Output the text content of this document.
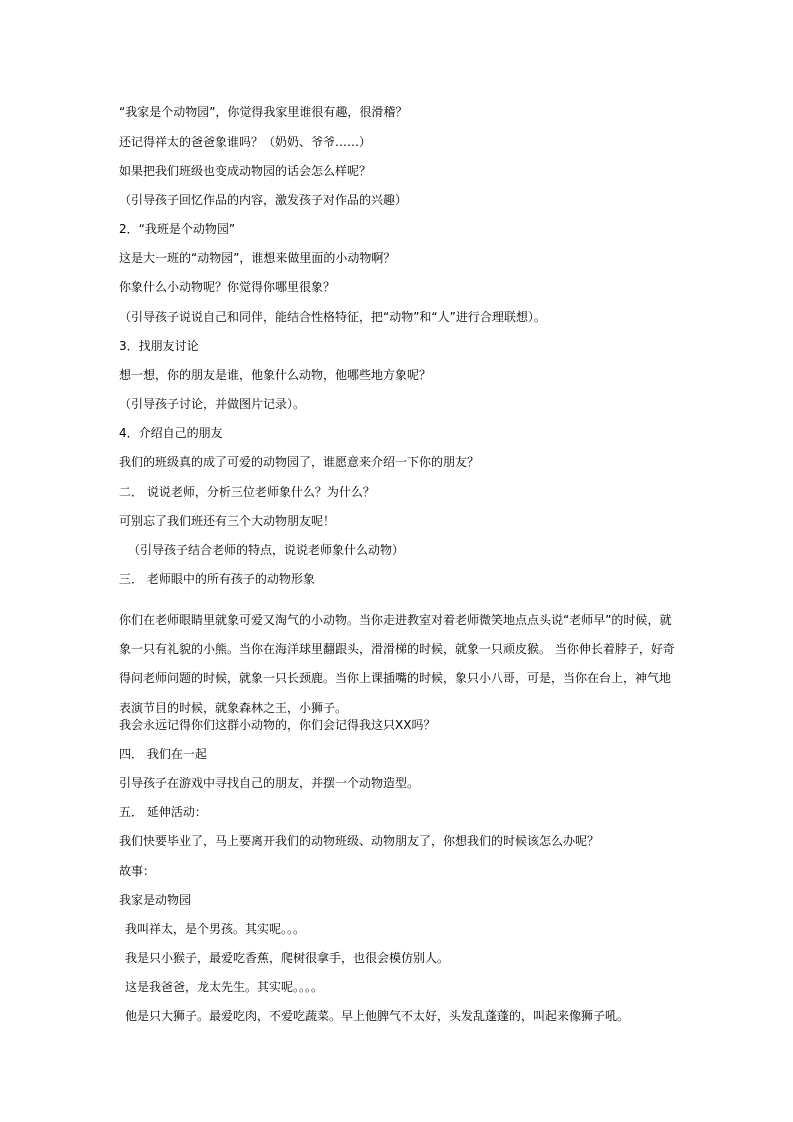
“我家是个动物园”，你觉得我家里谁很有趣，很滑稽？

还记得祥太的爸爸象谁吗？（奶奶、爷爷……）

如果把我们班级也变成动物园的话会怎么样呢？

（引导孩子回忆作品的内容，激发孩子对作品的兴趣）

2．“我班是个动物园”

这是大一班的“动物园”，谁想来做里面的小动物啊？

你象什么小动物呢？你觉得你哪里很象？

（引导孩子说说自己和同伴，能结合性格特征，把“动物”和“人”进行合理联想）。

3．找朋友讨论

想一想，你的朋友是谁，他象什么动物，他哪些地方象呢？

（引导孩子讨论，并做图片记录）。

4．介绍自己的朋友

我们的班级真的成了可爱的动物园了，谁愿意来介绍一下你的朋友？

二． 说说老师，分析三位老师象什么？为什么？

可别忘了我们班还有三个大动物朋友呢！

（引导孩子结合老师的特点，说说老师象什么动物）

三． 老师眼中的所有孩子的动物形象

你们在老师眼睛里就象可爱又淘气的小动物。当你走进教室对着老师微笑地点点头说“老师早”的时候，就

象一只有礼貌的小熊。当你在海洋球里翻跟头，滑滑梯的时候，就象一只顽皮猴。 当你伸长着脖子，好奇

得问老师问题的时候，就象一只长颈鹿。当你上课插嘴的时候，象只小八哥，可是，当你在台上，神气地

表演节目的时候，就象森林之王，小狮子。

我会永远记得你们这群小动物的，你们会记得我这只XX吗？

四． 我们在一起

引导孩子在游戏中寻找自己的朋友，并摆一个动物造型。

五． 延伸活动：

我们快要毕业了，马上要离开我们的动物班级、动物朋友了，你想我们的时候该怎么办呢？

故事：

我家是动物园

我叫祥太，是个男孩。其实呢。。。

我是只小猴子，最爱吃香蕉，爬树很拿手，也很会模仿别人。

这是我爸爸，龙太先生。其实呢。。。。

他是只大狮子。最爱吃肉，不爱吃蔬菜。早上他脾气不太好，头发乱蓬蓬的，叫起来像狮子吼。
